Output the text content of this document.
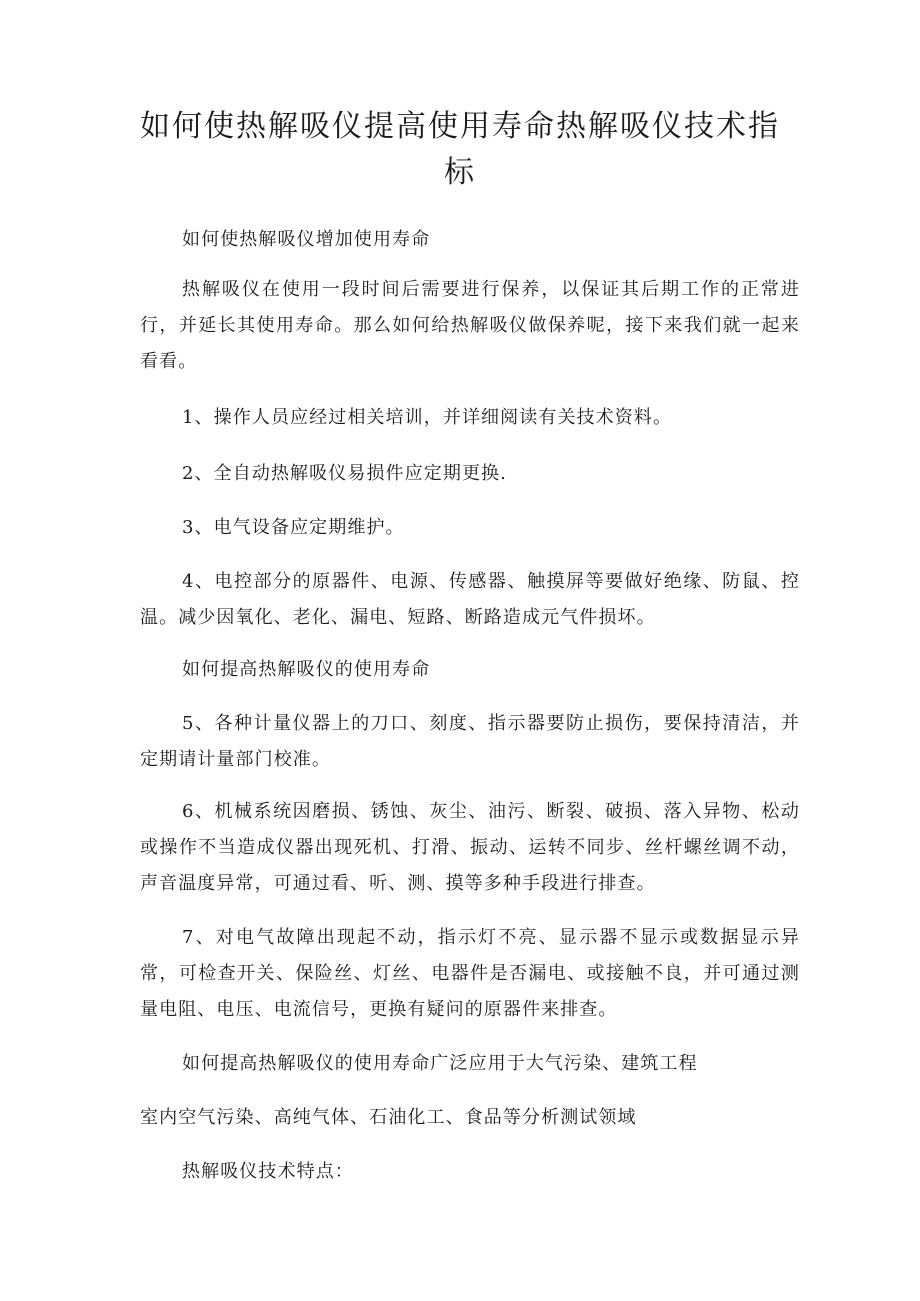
如何使热解吸仪提高使用寿命热解吸仪技术指标

如何使热解吸仪增加使用寿命

热解吸仪在使用一段时间后需要进行保养，以保证其后期工作的正常进行，并延长其使用寿命。那么如何给热解吸仪做保养呢，接下来我们就一起来看看。

1、操作人员应经过相关培训，并详细阅读有关技术资料。

2、全自动热解吸仪易损件应定期更换.

3、电气设备应定期维护。

4、电控部分的原器件、电源、传感器、触摸屏等要做好绝缘、防鼠、控温。减少因氧化、老化、漏电、短路、断路造成元气件损坏。

如何提高热解吸仪的使用寿命

5、各种计量仪器上的刀口、刻度、指示器要防止损伤，要保持清洁，并定期请计量部门校准。

6、机械系统因磨损、锈蚀、灰尘、油污、断裂、破损、落入异物、松动或操作不当造成仪器出现死机、打滑、振动、运转不同步、丝杆螺丝调不动，声音温度异常，可通过看、听、测、摸等多种手段进行排查。

7、对电气故障出现起不动，指示灯不亮、显示器不显示或数据显示异常，可检查开关、保险丝、灯丝、电器件是否漏电、或接触不良，并可通过测量电阻、电压、电流信号，更换有疑问的原器件来排查。

如何提高热解吸仪的使用寿命广泛应用于大气污染、建筑工程

室内空气污染、高纯气体、石油化工、食品等分析测试领域

热解吸仪技术特点：
